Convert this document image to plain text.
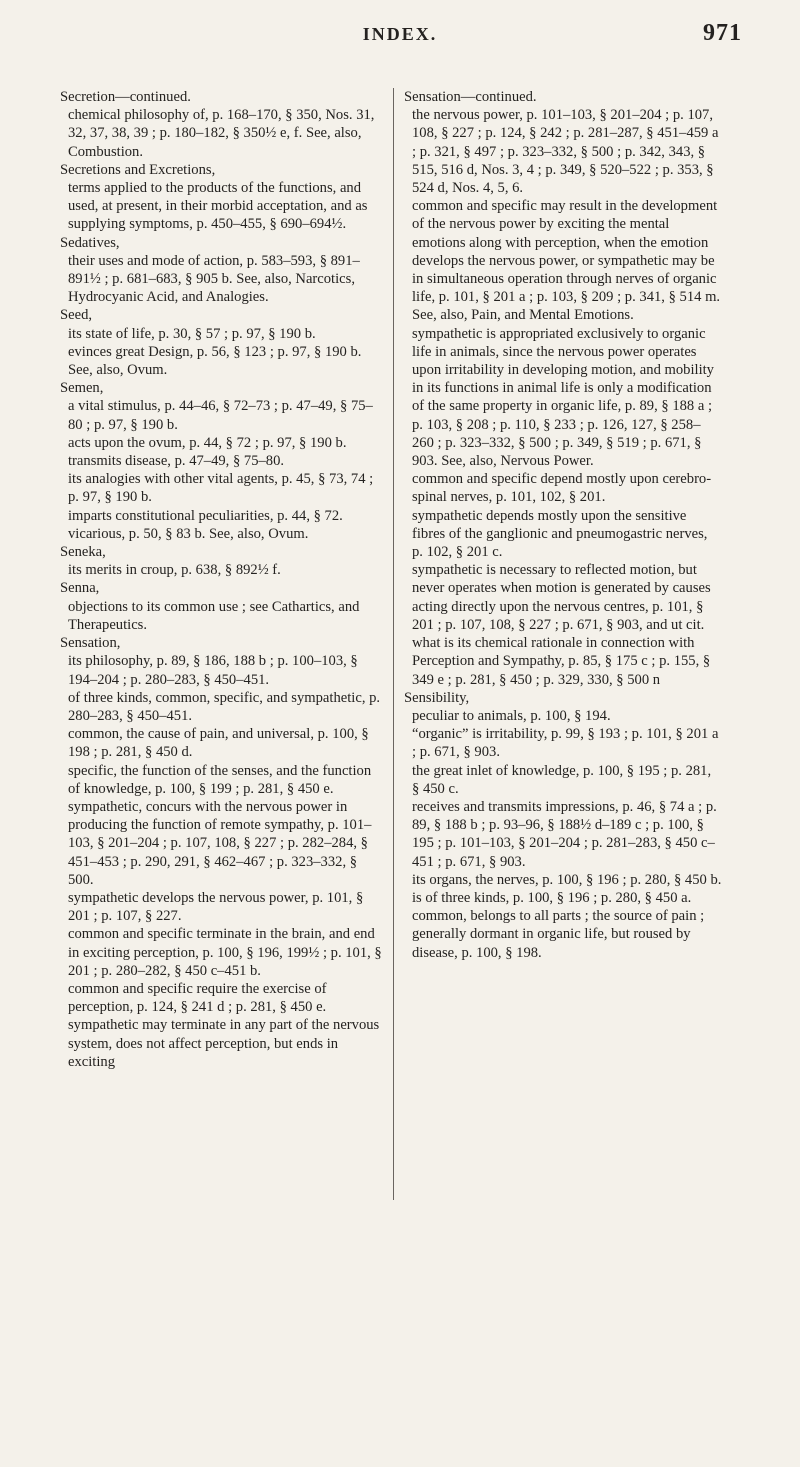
INDEX.	971

Secretion—continued.

chemical philosophy of, p. 168–170, § 350, Nos. 31, 32, 37, 38, 39 ; p. 180–182, § 350½ e, f. See, also, Combustion.

Secretions and Excretions,

terms applied to the products of the functions, and used, at present, in their morbid acceptation, and as supplying symptoms, p. 450–455, § 690–694½.

Sedatives,

their uses and mode of action, p. 583–593, § 891–891½ ; p. 681–683, § 905 b. See, also, Narcotics, Hydrocyanic Acid, and Analogies.

Seed,

its state of life, p. 30, § 57 ; p. 97, § 190 b.

evinces great Design, p. 56, § 123 ; p. 97, § 190 b. See, also, Ovum.

Semen,

a vital stimulus, p. 44–46, § 72–73 ; p. 47–49, § 75–80 ; p. 97, § 190 b.

acts upon the ovum, p. 44, § 72 ; p. 97, § 190 b.

transmits disease, p. 47–49, § 75–80.

its analogies with other vital agents, p. 45, § 73, 74 ; p. 97, § 190 b.

imparts constitutional peculiarities, p. 44, § 72.

vicarious, p. 50, § 83 b. See, also, Ovum.

Seneka,

its merits in croup, p. 638, § 892½ f.

Senna,

objections to its common use ; see Cathartics, and Therapeutics.

Sensation,

its philosophy, p. 89, § 186, 188 b ; p. 100–103, § 194–204 ; p. 280–283, § 450–451.

of three kinds, common, specific, and sympathetic, p. 280–283, § 450–451.

common, the cause of pain, and universal, p. 100, § 198 ; p. 281, § 450 d.

specific, the function of the senses, and the function of knowledge, p. 100, § 199 ; p. 281, § 450 e.

sympathetic, concurs with the nervous power in producing the function of remote sympathy, p. 101–103, § 201–204 ; p. 107, 108, § 227 ; p. 282–284, § 451–453 ; p. 290, 291, § 462–467 ; p. 323–332, § 500.

sympathetic develops the nervous power, p. 101, § 201 ; p. 107, § 227.

common and specific terminate in the brain, and end in exciting perception, p. 100, § 196, 199½ ; p. 101, § 201 ; p. 280–282, § 450 c–451 b.

common and specific require the exercise of perception, p. 124, § 241 d ; p. 281, § 450 e.

sympathetic may terminate in any part of the nervous system, does not affect perception, but ends in exciting

Sensation—continued.

the nervous power, p. 101–103, § 201–204 ; p. 107, 108, § 227 ; p. 124, § 242 ; p. 281–287, § 451–459 a ; p. 321, § 497 ; p. 323–332, § 500 ; p. 342, 343, § 515, 516 d, Nos. 3, 4 ; p. 349, § 520–522 ; p. 353, § 524 d, Nos. 4, 5, 6.

common and specific may result in the development of the nervous power by exciting the mental emotions along with perception, when the emotion develops the nervous power, or sympathetic may be in simultaneous operation through nerves of organic life, p. 101, § 201 a ; p. 103, § 209 ; p. 341, § 514 m. See, also, Pain, and Mental Emotions.

sympathetic is appropriated exclusively to organic life in animals, since the nervous power operates upon irritability in developing motion, and mobility in its functions in animal life is only a modification of the same property in organic life, p. 89, § 188 a ; p. 103, § 208 ; p. 110, § 233 ; p. 126, 127, § 258–260 ; p. 323–332, § 500 ; p. 349, § 519 ; p. 671, § 903. See, also, Nervous Power.

common and specific depend mostly upon cerebro-spinal nerves, p. 101, 102, § 201.

sympathetic depends mostly upon the sensitive fibres of the ganglionic and pneumogastric nerves, p. 102, § 201 c.

sympathetic is necessary to reflected motion, but never operates when motion is generated by causes acting directly upon the nervous centres, p. 101, § 201 ; p. 107, 108, § 227 ; p. 671, § 903, and ut cit.

what is its chemical rationale in connection with Perception and Sympathy, p. 85, § 175 c ; p. 155, § 349 e ; p. 281, § 450 ; p. 329, 330, § 500 n

Sensibility,

peculiar to animals, p. 100, § 194.

“organic” is irritability, p. 99, § 193 ; p. 101, § 201 a ; p. 671, § 903.

the great inlet of knowledge, p. 100, § 195 ; p. 281, § 450 c.

receives and transmits impressions, p. 46, § 74 a ; p. 89, § 188 b ; p. 93–96, § 188½ d–189 c ; p. 100, § 195 ; p. 101–103, § 201–204 ; p. 281–283, § 450 c–451 ; p. 671, § 903.

its organs, the nerves, p. 100, § 196 ; p. 280, § 450 b.

is of three kinds, p. 100, § 196 ; p. 280, § 450 a.

common, belongs to all parts ; the source of pain ; generally dormant in organic life, but roused by disease, p. 100, § 198.
